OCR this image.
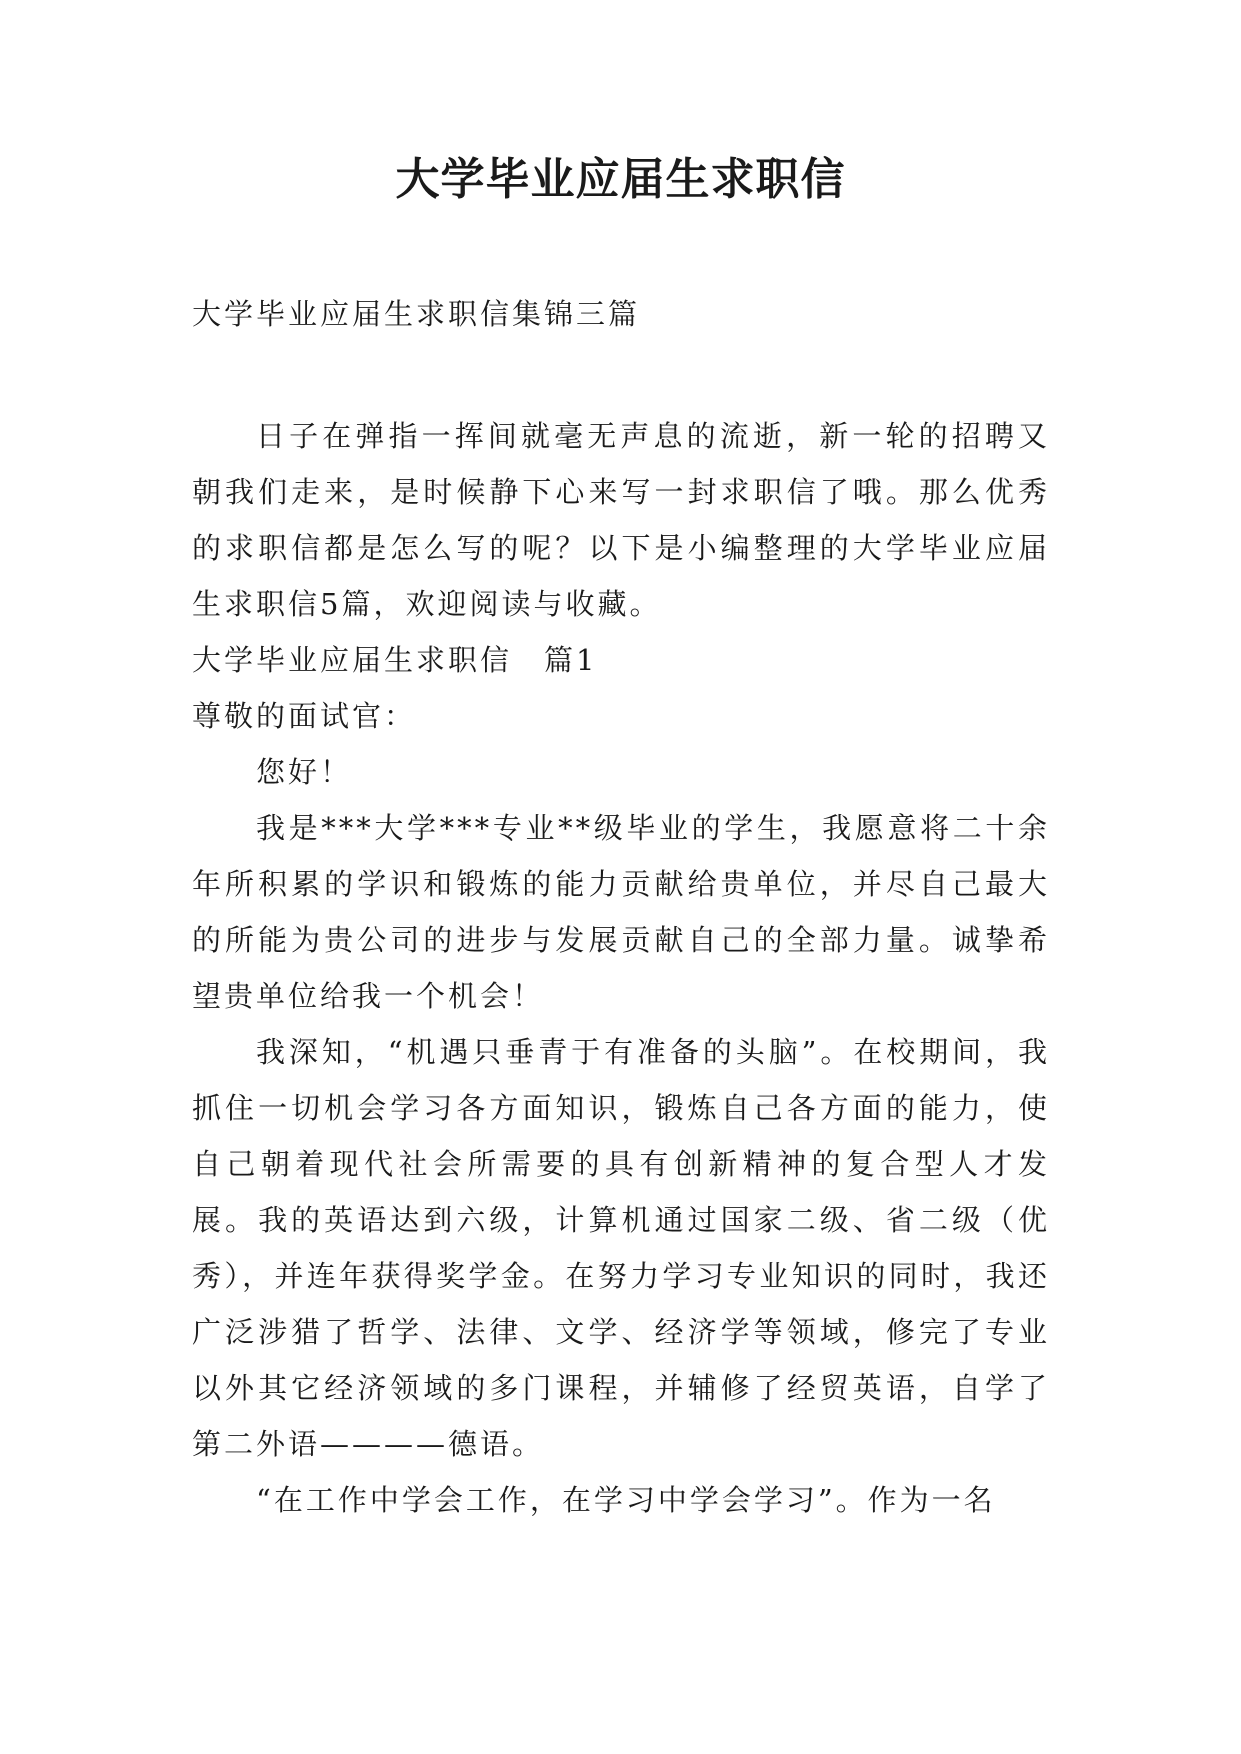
大学毕业应届生求职信
大学毕业应届生求职信集锦三篇

日子在弹指一挥间就毫无声息的流逝，新一轮的招聘又朝我们走来，是时候静下心来写一封求职信了哦。那么优秀的求职信都是怎么写的呢？以下是小编整理的大学毕业应届生求职信5篇，欢迎阅读与收藏。

大学毕业应届生求职信　篇1

尊敬的面试官：

您好！

我是***大学***专业**级毕业的学生，我愿意将二十余年所积累的学识和锻炼的能力贡献给贵单位，并尽自己最大的所能为贵公司的进步与发展贡献自己的全部力量。诚挚希望贵单位给我一个机会！

我深知，“机遇只垂青于有准备的头脑”。在校期间，我抓住一切机会学习各方面知识，锻炼自己各方面的能力，使自己朝着现代社会所需要的具有创新精神的复合型人才发展。我的英语达到六级，计算机通过国家二级、省二级（优秀），并连年获得奖学金。在努力学习专业知识的同时，我还广泛涉猎了哲学、法律、文学、经济学等领域，修完了专业以外其它经济领域的多门课程，并辅修了经贸英语，自学了第二外语————德语。

“在工作中学会工作，在学习中学会学习”。作为一名
